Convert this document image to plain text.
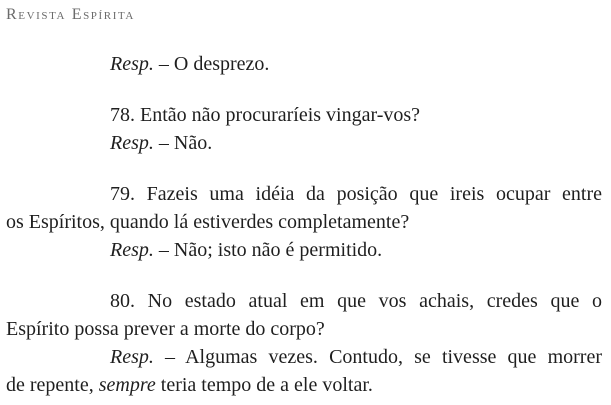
Revista Espírita

Resp. – O desprezo.

78. Então não procuraríeis vingar-vos?
Resp. – Não.

79. Fazeis uma idéia da posição que ireis ocupar entre
os Espíritos, quando lá estiverdes completamente?
Resp. – Não; isto não é permitido.

80. No estado atual em que vos achais, credes que o
Espírito possa prever a morte do corpo?
Resp. – Algumas vezes. Contudo, se tivesse que morrer
de repente, sempre teria tempo de a ele voltar.
